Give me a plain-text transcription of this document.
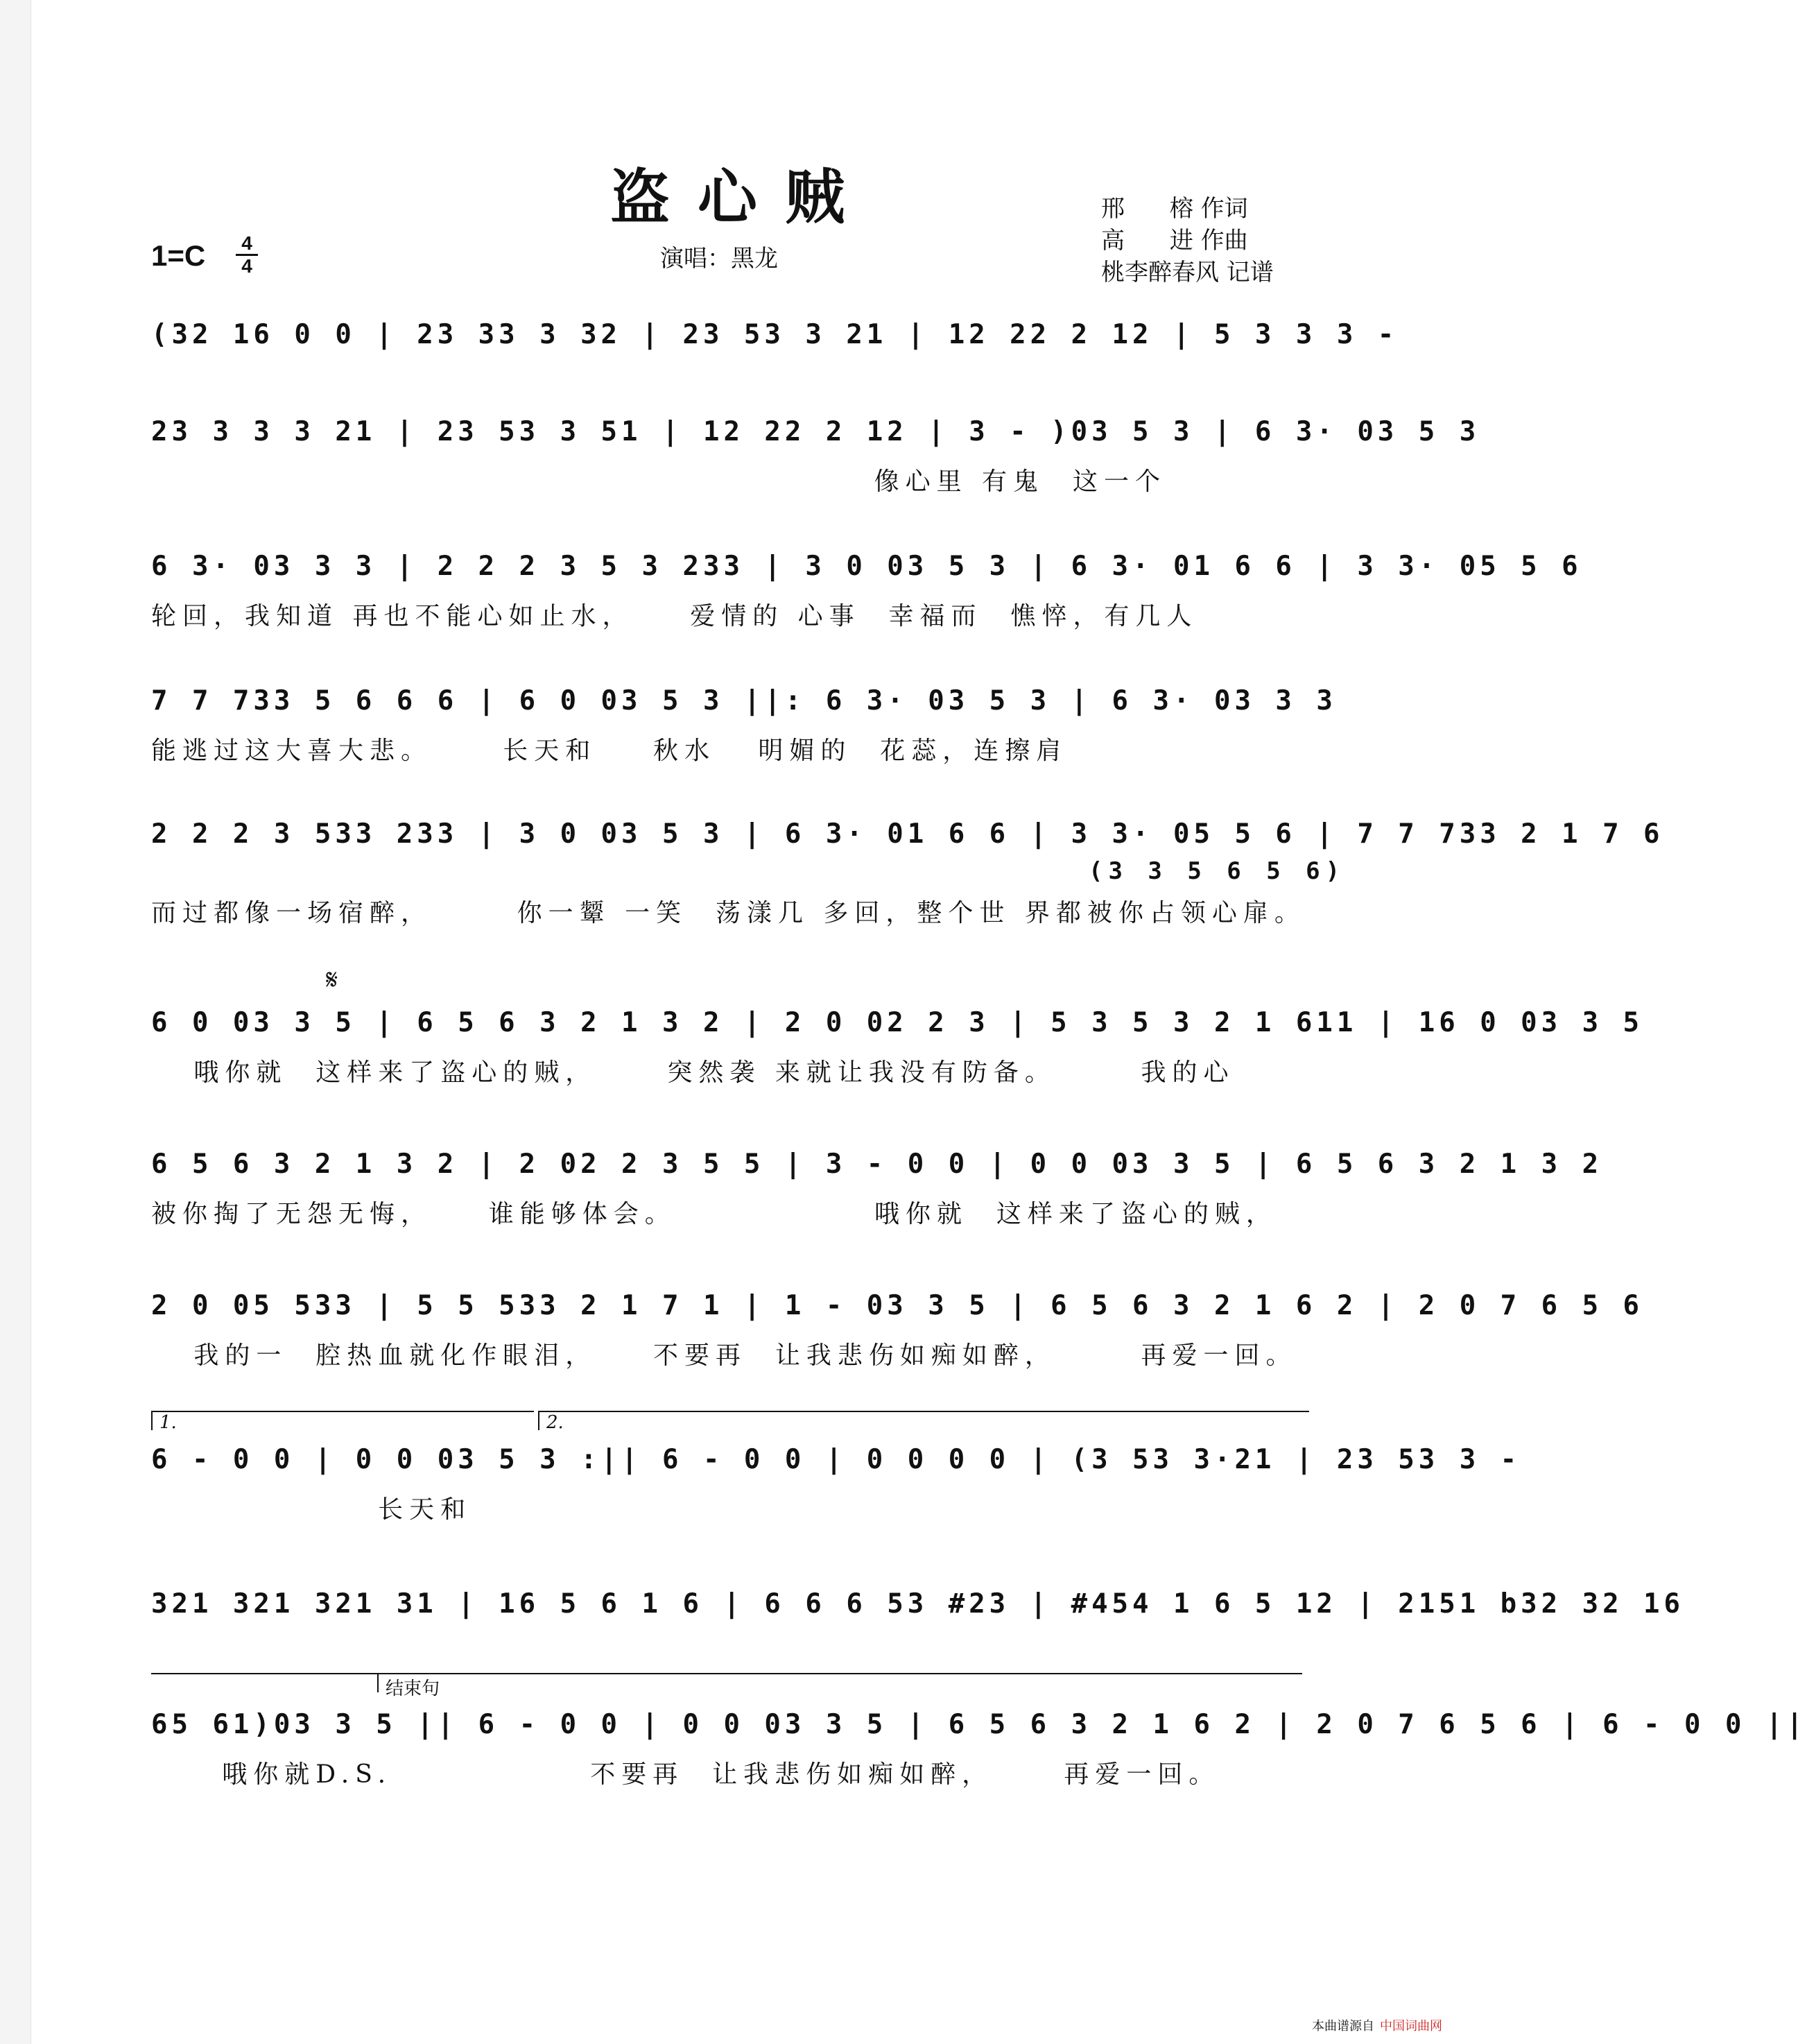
盗心贼
$1=C \frac{4}{4}$	演唱：黑龙
邢      榕 作词
高      进 作曲
桃李醉春风 记谱
(32 16 0 0 | 23 33 3 32 | 23 53 3 21 | 12 22 2 12 | 5 3 3 3 -
23 3 3 3 21 | 23 53 3 51 | 12 22 2 12 | 3 - )03 5 3 | 6 3· 03 5 3
像心里 有鬼  这一个
6 3· 03 3 3 | 2 2 2 3 5 3 233 | 3 0 03 5 3 | 6 3· 01 6 6 | 3 3· 05 5 6
轮回，我知道 再也不能心如止水，    爱情的 心事  幸福而  憔悴，有几人
7 7 733 5 6 6 6 | 6 0 03 5 3 ||: 6 3· 03 5 3 | 6 3· 03 3 3
能逃过这大喜大悲。     长天和    秋水   明媚的  花蕊，连擦肩
2 2 2 3 533 233 | 3 0 03 5 3 | 6 3· 01 6 6 | 3 3· 05 5 6 | 7 7 733 2 1 7 6
(3 3 5 6 5 6)
而过都像一场宿醉，      你一颦 一笑  荡漾几 多回，整个世 界都被你占领心扉。
𝄋
6 0 03 3 5 | 6 5 6 3 2 1 3 2 | 2 0 02 2 3 | 5 3 5 3 2 1 611 | 16 0 03 3 5
哦你就  这样来了盗心的贼，     突然袭 来就让我没有防备。      我的心
6 5 6 3 2 1 3 2 | 2 02 2 3 5 5 | 3 - 0 0 | 0 0 03 3 5 | 6 5 6 3 2 1 3 2
被你掏了无怨无悔，    谁能够体会。              哦你就  这样来了盗心的贼，
2 0 05 533 | 5 5 533 2 1 7 1 | 1 - 03 3 5 | 6 5 6 3 2 1 6 2 | 2 0 7 6 5 6
我的一  腔热血就化作眼泪，    不要再  让我悲伤如痴如醉，      再爱一回。
1.	2.
6 - 0 0 | 0 0 03 5 3 :|| 6 - 0 0 | 0 0 0 0 | (3 53 3·21 | 23 53 3 -
长天和
321 321 321 31 | 16 5 6 1 6 | 6 6 6 53 #23 | #454 1 6 5 12 | 2151 b32 32 16
结束句
65 61)03 3 5 || 6 - 0 0 | 0 0 03 3 5 | 6 5 6 3 2 1 6 2 | 2 0 7 6 5 6 | 6 - 0 0 ||
哦你就D.S.              不要再  让我悲伤如痴如醉，     再爱一回。
本曲谱源自 中国词曲网
